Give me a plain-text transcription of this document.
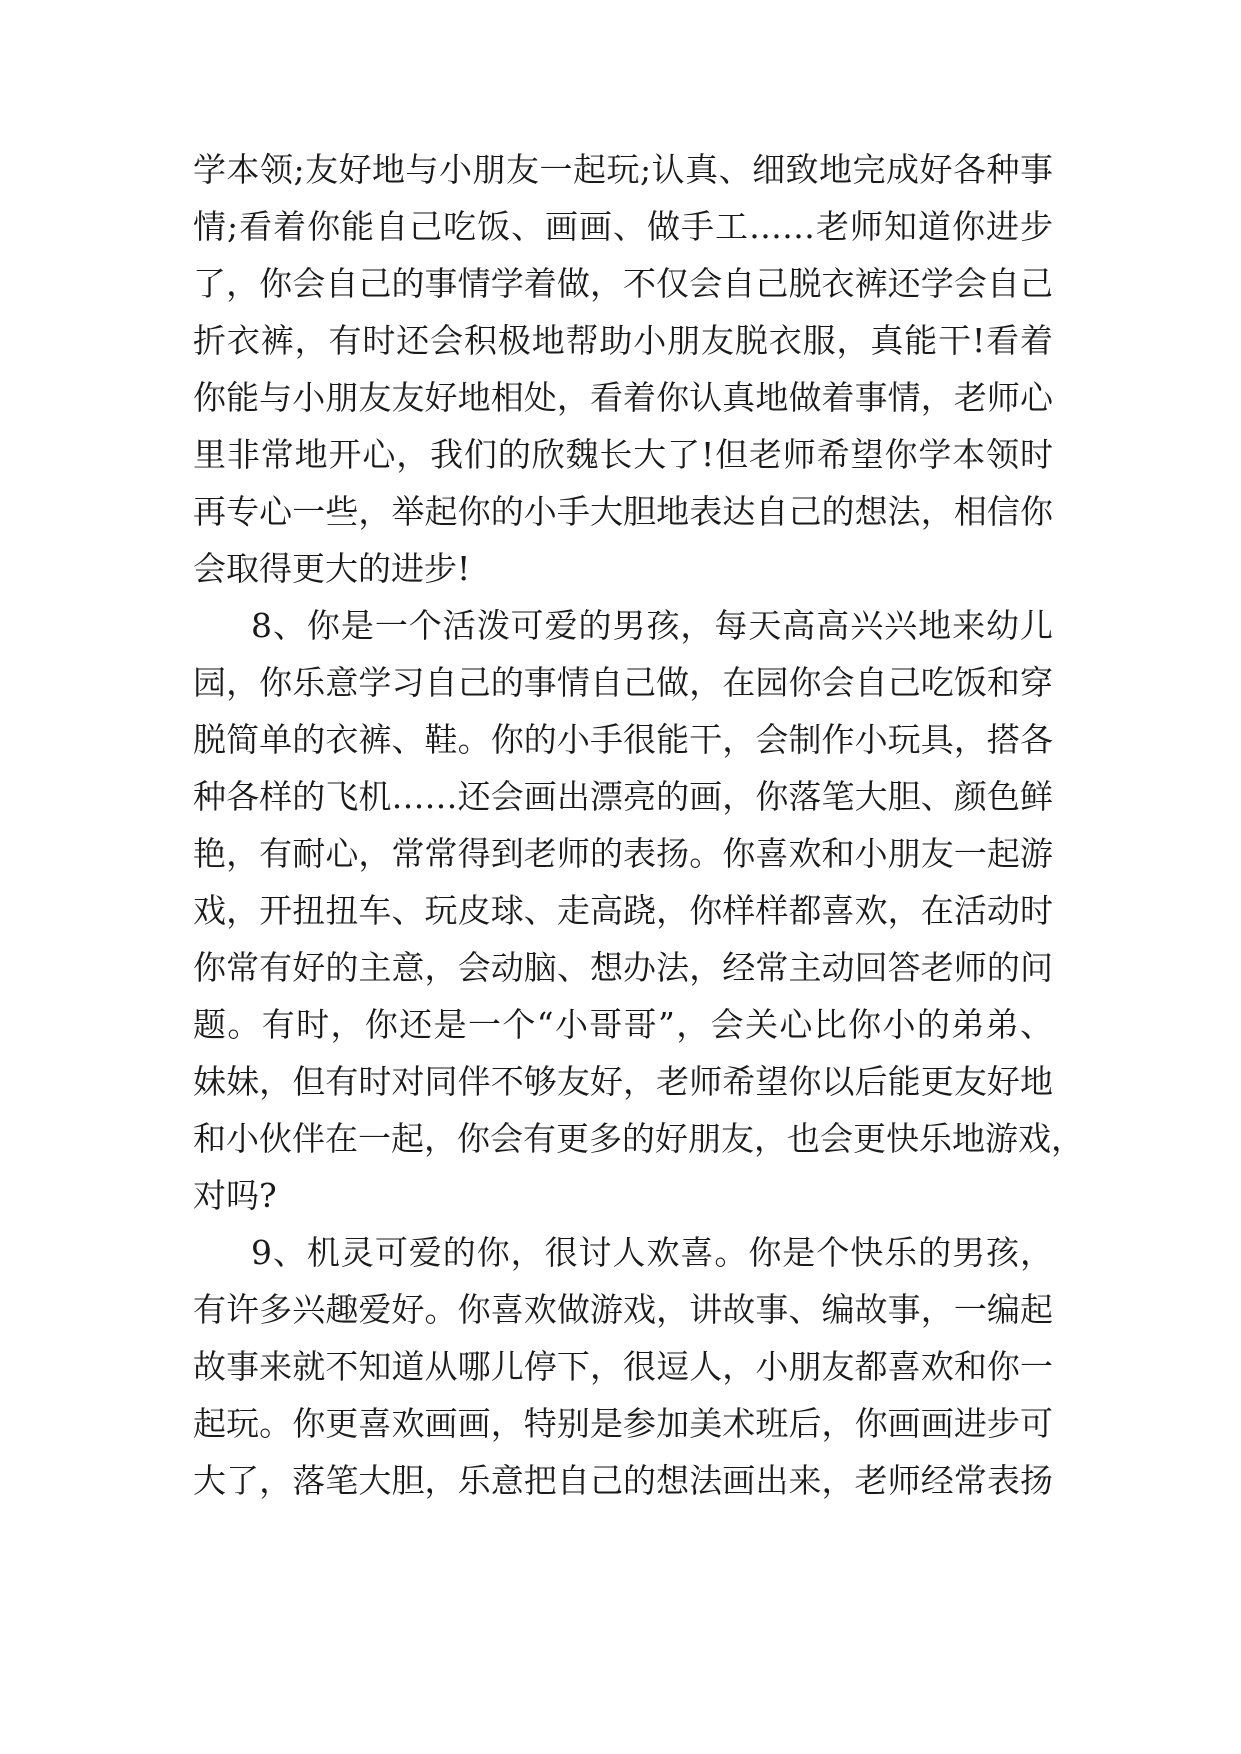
学本领;友好地与小朋友一起玩;认真、细致地完成好各种事
情;看着你能自己吃饭、画画、做手工……老师知道你进步
了，你会自己的事情学着做，不仅会自己脱衣裤还学会自己
折衣裤，有时还会积极地帮助小朋友脱衣服，真能干!看着
你能与小朋友友好地相处，看着你认真地做着事情，老师心
里非常地开心，我们的欣魏长大了!但老师希望你学本领时
再专心一些，举起你的小手大胆地表达自己的想法，相信你
会取得更大的进步!
8、你是一个活泼可爱的男孩，每天高高兴兴地来幼儿
园，你乐意学习自己的事情自己做，在园你会自己吃饭和穿
脱简单的衣裤、鞋。你的小手很能干，会制作小玩具，搭各
种各样的飞机……还会画出漂亮的画，你落笔大胆、颜色鲜
艳，有耐心，常常得到老师的表扬。你喜欢和小朋友一起游
戏，开扭扭车、玩皮球、走高跷，你样样都喜欢，在活动时
你常有好的主意，会动脑、想办法，经常主动回答老师的问
题。有时，你还是一个“小哥哥”，会关心比你小的弟弟、
妹妹，但有时对同伴不够友好，老师希望你以后能更友好地
和小伙伴在一起，你会有更多的好朋友，也会更快乐地游戏，
对吗?
9、机灵可爱的你，很讨人欢喜。你是个快乐的男孩，
有许多兴趣爱好。你喜欢做游戏，讲故事、编故事，一编起
故事来就不知道从哪儿停下，很逗人，小朋友都喜欢和你一
起玩。你更喜欢画画，特别是参加美术班后，你画画进步可
大了，落笔大胆，乐意把自己的想法画出来，老师经常表扬
